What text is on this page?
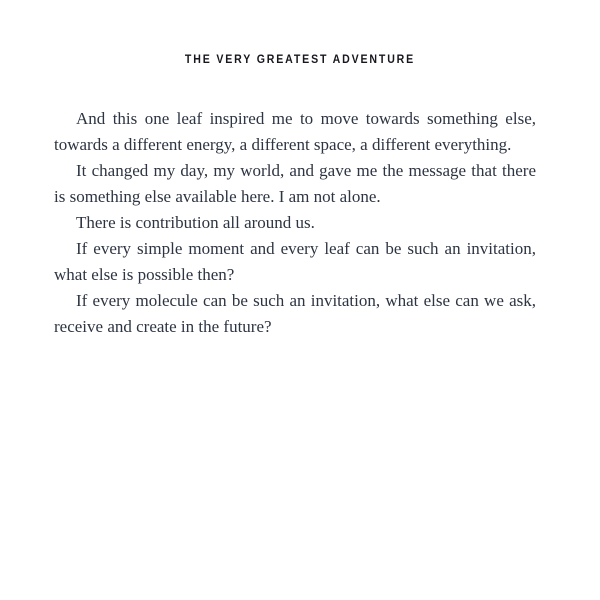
THE VERY GREATEST ADVENTURE
And this one leaf inspired me to move towards something else,
towards a different energy, a different space, a different everything.
It changed my day, my world, and gave me the message that there
is something else available here. I am not alone.
There is contribution all around us.
If every simple moment and every leaf can be such an invitation,
what else is possible then?
If every molecule can be such an invitation, what else can we ask,
receive and create in the future?
